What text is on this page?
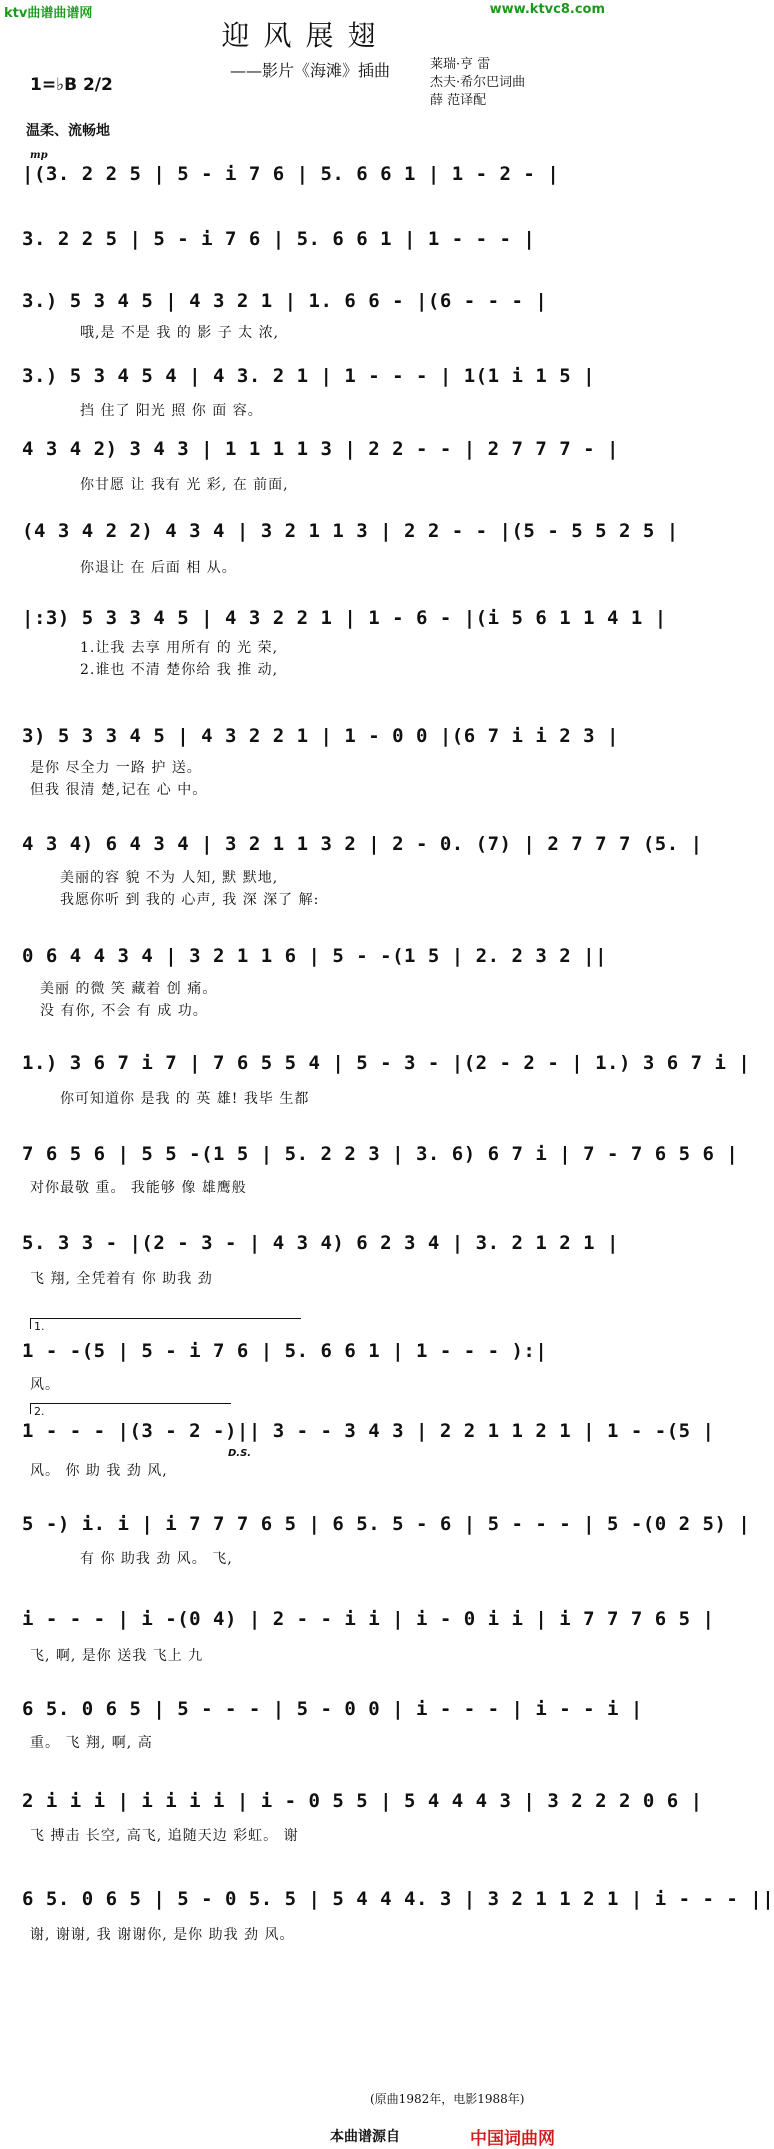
ktv曲谱曲谱网	www.ktvc8.com
迎风展翅
——影片《海滩》插曲	莱瑞·亨 雷
杰夫·希尔巴词曲
薛 范译配
1=♭B 2/2
温柔、流畅地
mp
|(3. 2 2 5 | 5 - i 7 6 | 5. 6 6 1 | 1 - 2 - |
3. 2 2 5 | 5 - i 7 6 | 5. 6 6 1 | 1 - - - |
3.) 5 3 4 5 | 4 3 2 1 | 1. 6 6 - |(6 - - - |
哦,是 不是 我 的 影 子 太 浓,
3.) 5 3 4 5 4 | 4 3. 2 1 | 1 - - - | 1(1 i 1 5 |
挡 住了 阳光 照 你 面 容。
4 3 4 2) 3 4 3 | 1 1 1 1 3 | 2 2 - - | 2 7 7 7 - |
你甘愿 让 我有 光 彩, 在 前面,
(4 3 4 2 2) 4 3 4 | 3 2 1 1 3 | 2 2 - - |(5 - 5 5 2 5 |
你退让 在 后面 相 从。
|:3) 5 3 3 4 5 | 4 3 2 2 1 | 1 - 6 - |(i 5 6 1 1 4 1 |
1.让我 去享 用所有 的 光 荣,
2.谁也 不清 楚你给 我 推 动,
3) 5 3 3 4 5 | 4 3 2 2 1 | 1 - 0 0 |(6 7 i i 2 3 |
是你 尽全力 一路 护 送。
但我 很清 楚,记在 心 中。
4 3 4) 6 4 3 4 | 3 2 1 1 3 2 | 2 - 0. (7) | 2 7 7 7 (5. |
美丽的容 貌 不为 人知, 默 默地,
我愿你听 到 我的 心声, 我 深 深了 解:
0 6 4 4 3 4 | 3 2 1 1 6 | 5 - -(1 5 | 2. 2 3 2 ||
美丽 的微 笑 藏着 创 痛。
没 有你, 不会 有 成 功。
1.) 3 6 7 i 7 | 7 6 5 5 4 | 5 - 3 - |(2 - 2 - | 1.) 3 6 7 i |
你可知道你 是我 的 英 雄! 我毕 生都
7 6 5 6 | 5 5 -(1 5 | 5. 2 2 3 | 3. 6) 6 7 i | 7 - 7 6 5 6 |
对你最敬 重。 我能够 像 雄鹰般
5. 3 3 - |(2 - 3 - | 4 3 4) 6 2 3 4 | 3. 2 1 2 1 |
飞 翔, 全凭着有 你 助我 劲
1.
1 - -(5 | 5 - i 7 6 | 5. 6 6 1 | 1 - - - ):|
风。
2.
1 - - - |(3 - 2 -)|| 3 - - 3 4 3 | 2 2 1 1 2 1 | 1 - -(5 |
D.S.
风。 你 助 我 劲 风,
5 -) i. i | i 7 7 7 6 5 | 6 5. 5 - 6 | 5 - - - | 5 -(0 2 5) |
有 你 助我 劲 风。 飞,
i - - - | i -(0 4) | 2 - - i i | i - 0 i i | i 7 7 7 6 5 |
飞, 啊, 是你 送我 飞上 九
6 5. 0 6 5 | 5 - - - | 5 - 0 0 | i - - - | i - - i |
重。 飞 翔, 啊, 高
2 i i i | i i i i | i - 0 5 5 | 5 4 4 4 3 | 3 2 2 2 0 6 |
飞 搏击 长空, 高飞, 追随天边 彩虹。 谢
6 5. 0 6 5 | 5 - 0 5. 5 | 5 4 4 4. 3 | 3 2 1 1 2 1 | i - - - ||
谢, 谢谢, 我 谢谢你, 是你 助我 劲 风。
(原曲1982年，电影1988年)
本曲谱源自	中国词曲网
